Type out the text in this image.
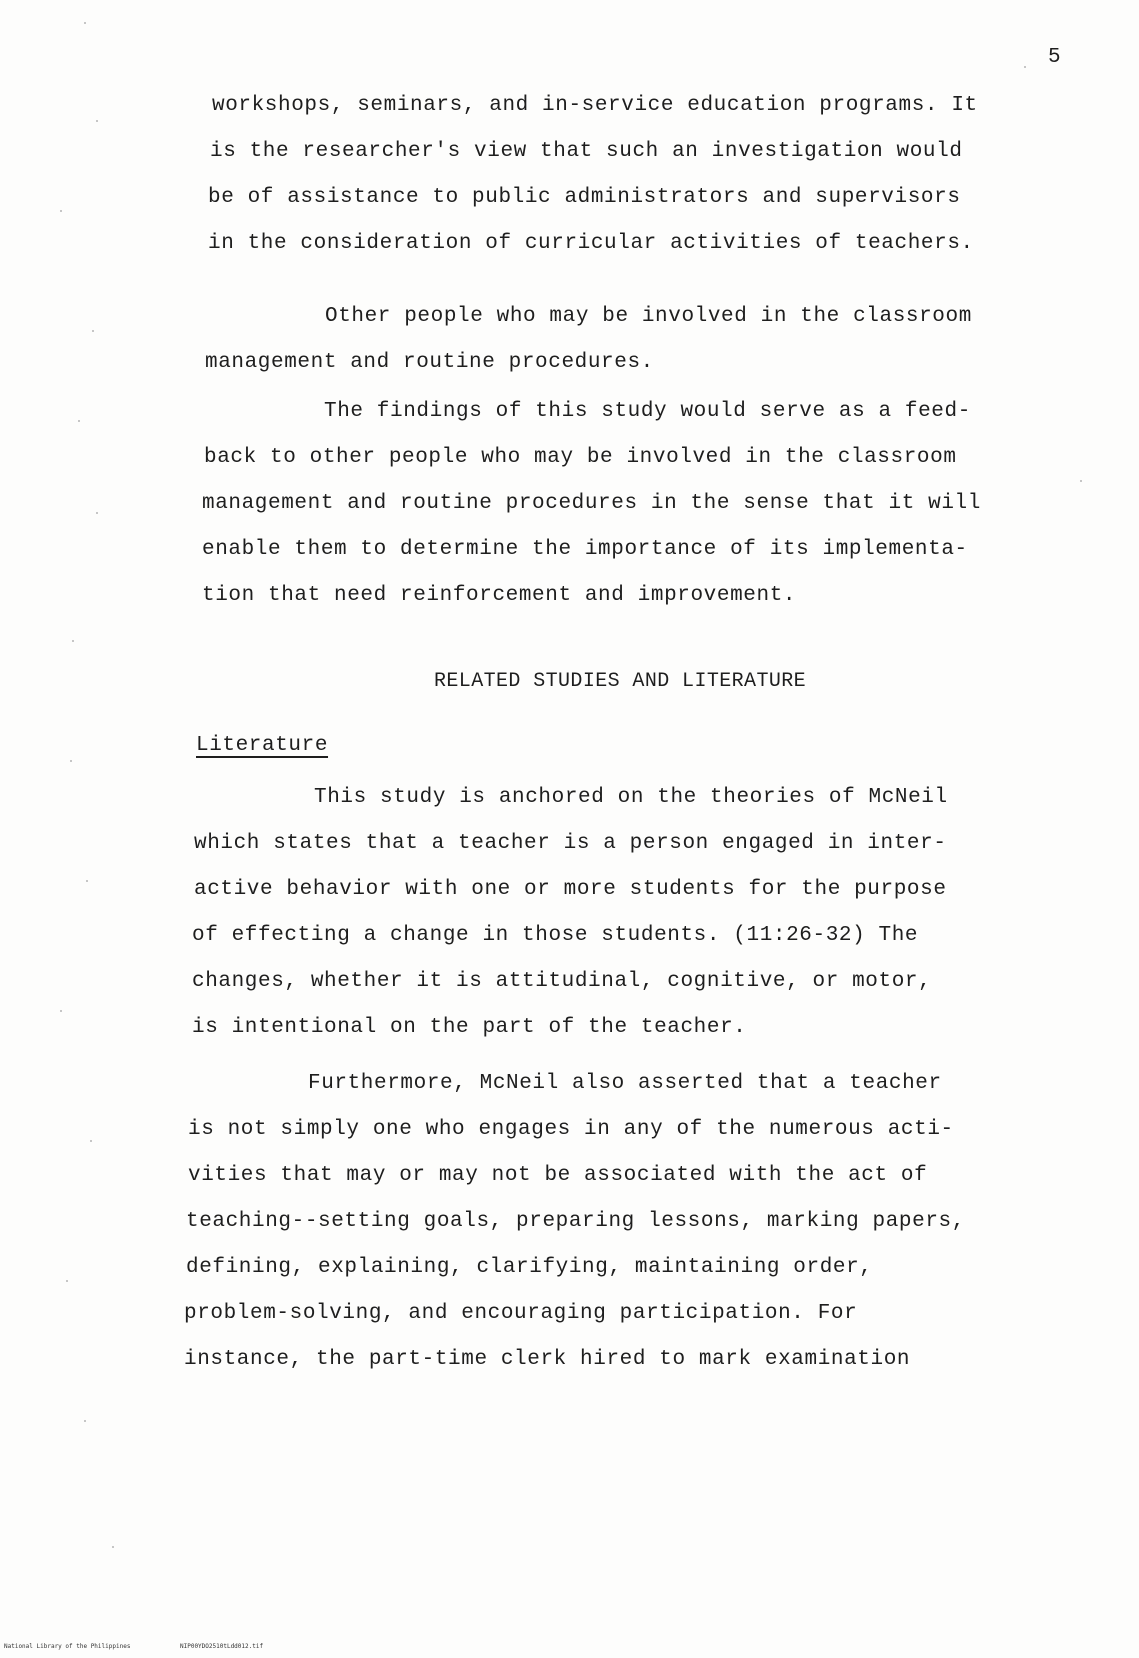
5
workshops, seminars, and in-service education programs. It
is the researcher's view that such an investigation would
be of assistance to public administrators and supervisors
in the consideration of curricular activities of teachers.
Other people who may be involved in the classroom
management and routine procedures.
The findings of this study would serve as a feed-
back to other people who may be involved in the classroom
management and routine procedures in the sense that it will
enable them to determine the importance of its implementa-
tion that need reinforcement and improvement.
RELATED STUDIES AND LITERATURE
Literature
This study is anchored on the theories of McNeil
which states that a teacher is a person engaged in inter-
active behavior with one or more students for the purpose
of effecting a change in those students. (11:26-32) The
changes, whether it is attitudinal, cognitive, or motor,
is intentional on the part of the teacher.
Furthermore, McNeil also asserted that a teacher
is not simply one who engages in any of the numerous acti-
vities that may or may not be associated with the act of
teaching--setting goals, preparing lessons, marking papers,
defining, explaining, clarifying, maintaining order,
problem-solving, and encouraging participation. For
instance, the part-time clerk hired to mark examination
National Library of the Philippines	NIP00YDO2510tLdd012.tif
